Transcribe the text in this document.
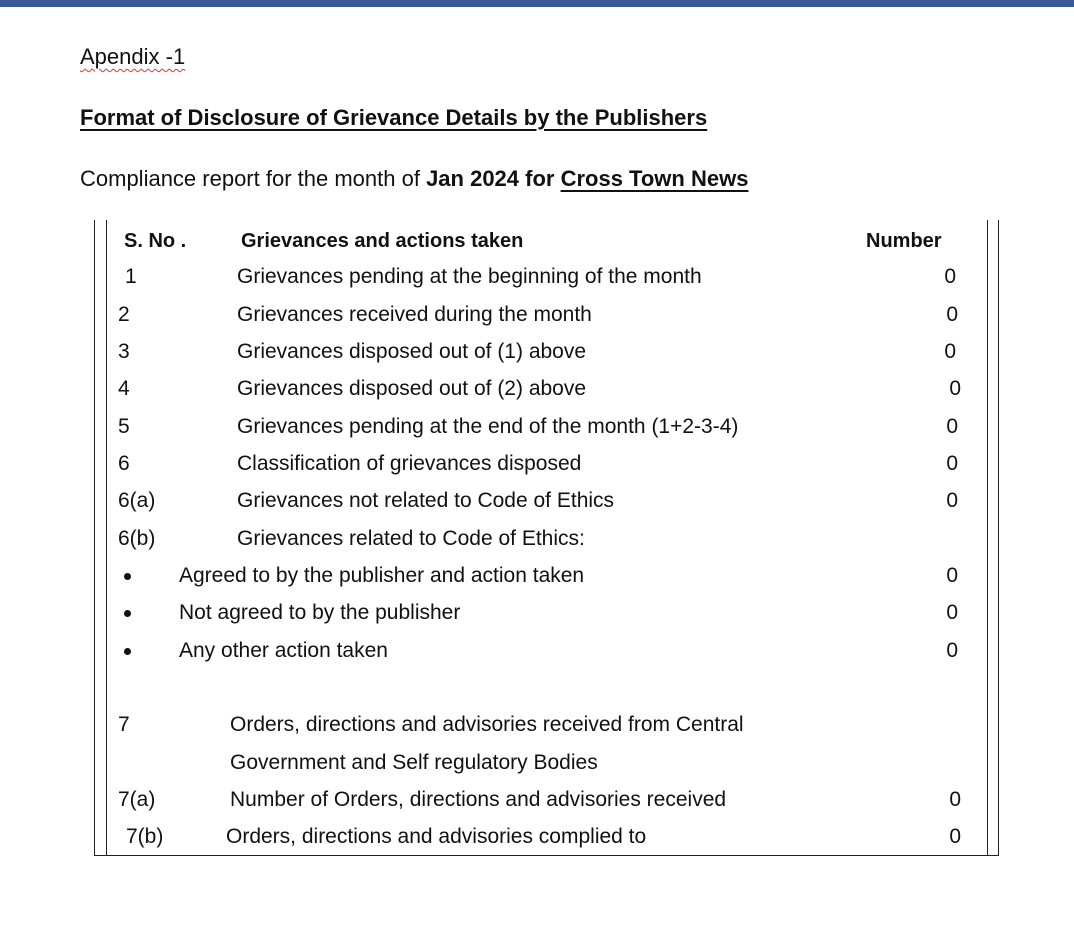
Apendix -1
Format of Disclosure of Grievance Details by the Publishers
Compliance report for the month of Jan 2024 for Cross Town News
S. No .	Grievances and actions taken	Number
1	Grievances pending at the beginning of the month	0
2	Grievances received during the month	0
3	Grievances disposed out of (1) above	0
4	Grievances disposed out of (2) above	0
5	Grievances pending at the end of the month (1+2-3-4)	0
6	Classification of grievances disposed	0
6(a)	Grievances not related to Code of Ethics	0
6(b)	Grievances related to Code of Ethics:
Agreed to by the publisher and action taken	0
Not agreed to by the publisher	0
Any other action taken	0
7	Orders, directions and advisories received from Central
Government and Self regulatory Bodies
7(a)	Number of Orders, directions and advisories received	0
7(b)	Orders, directions and advisories complied to	0
